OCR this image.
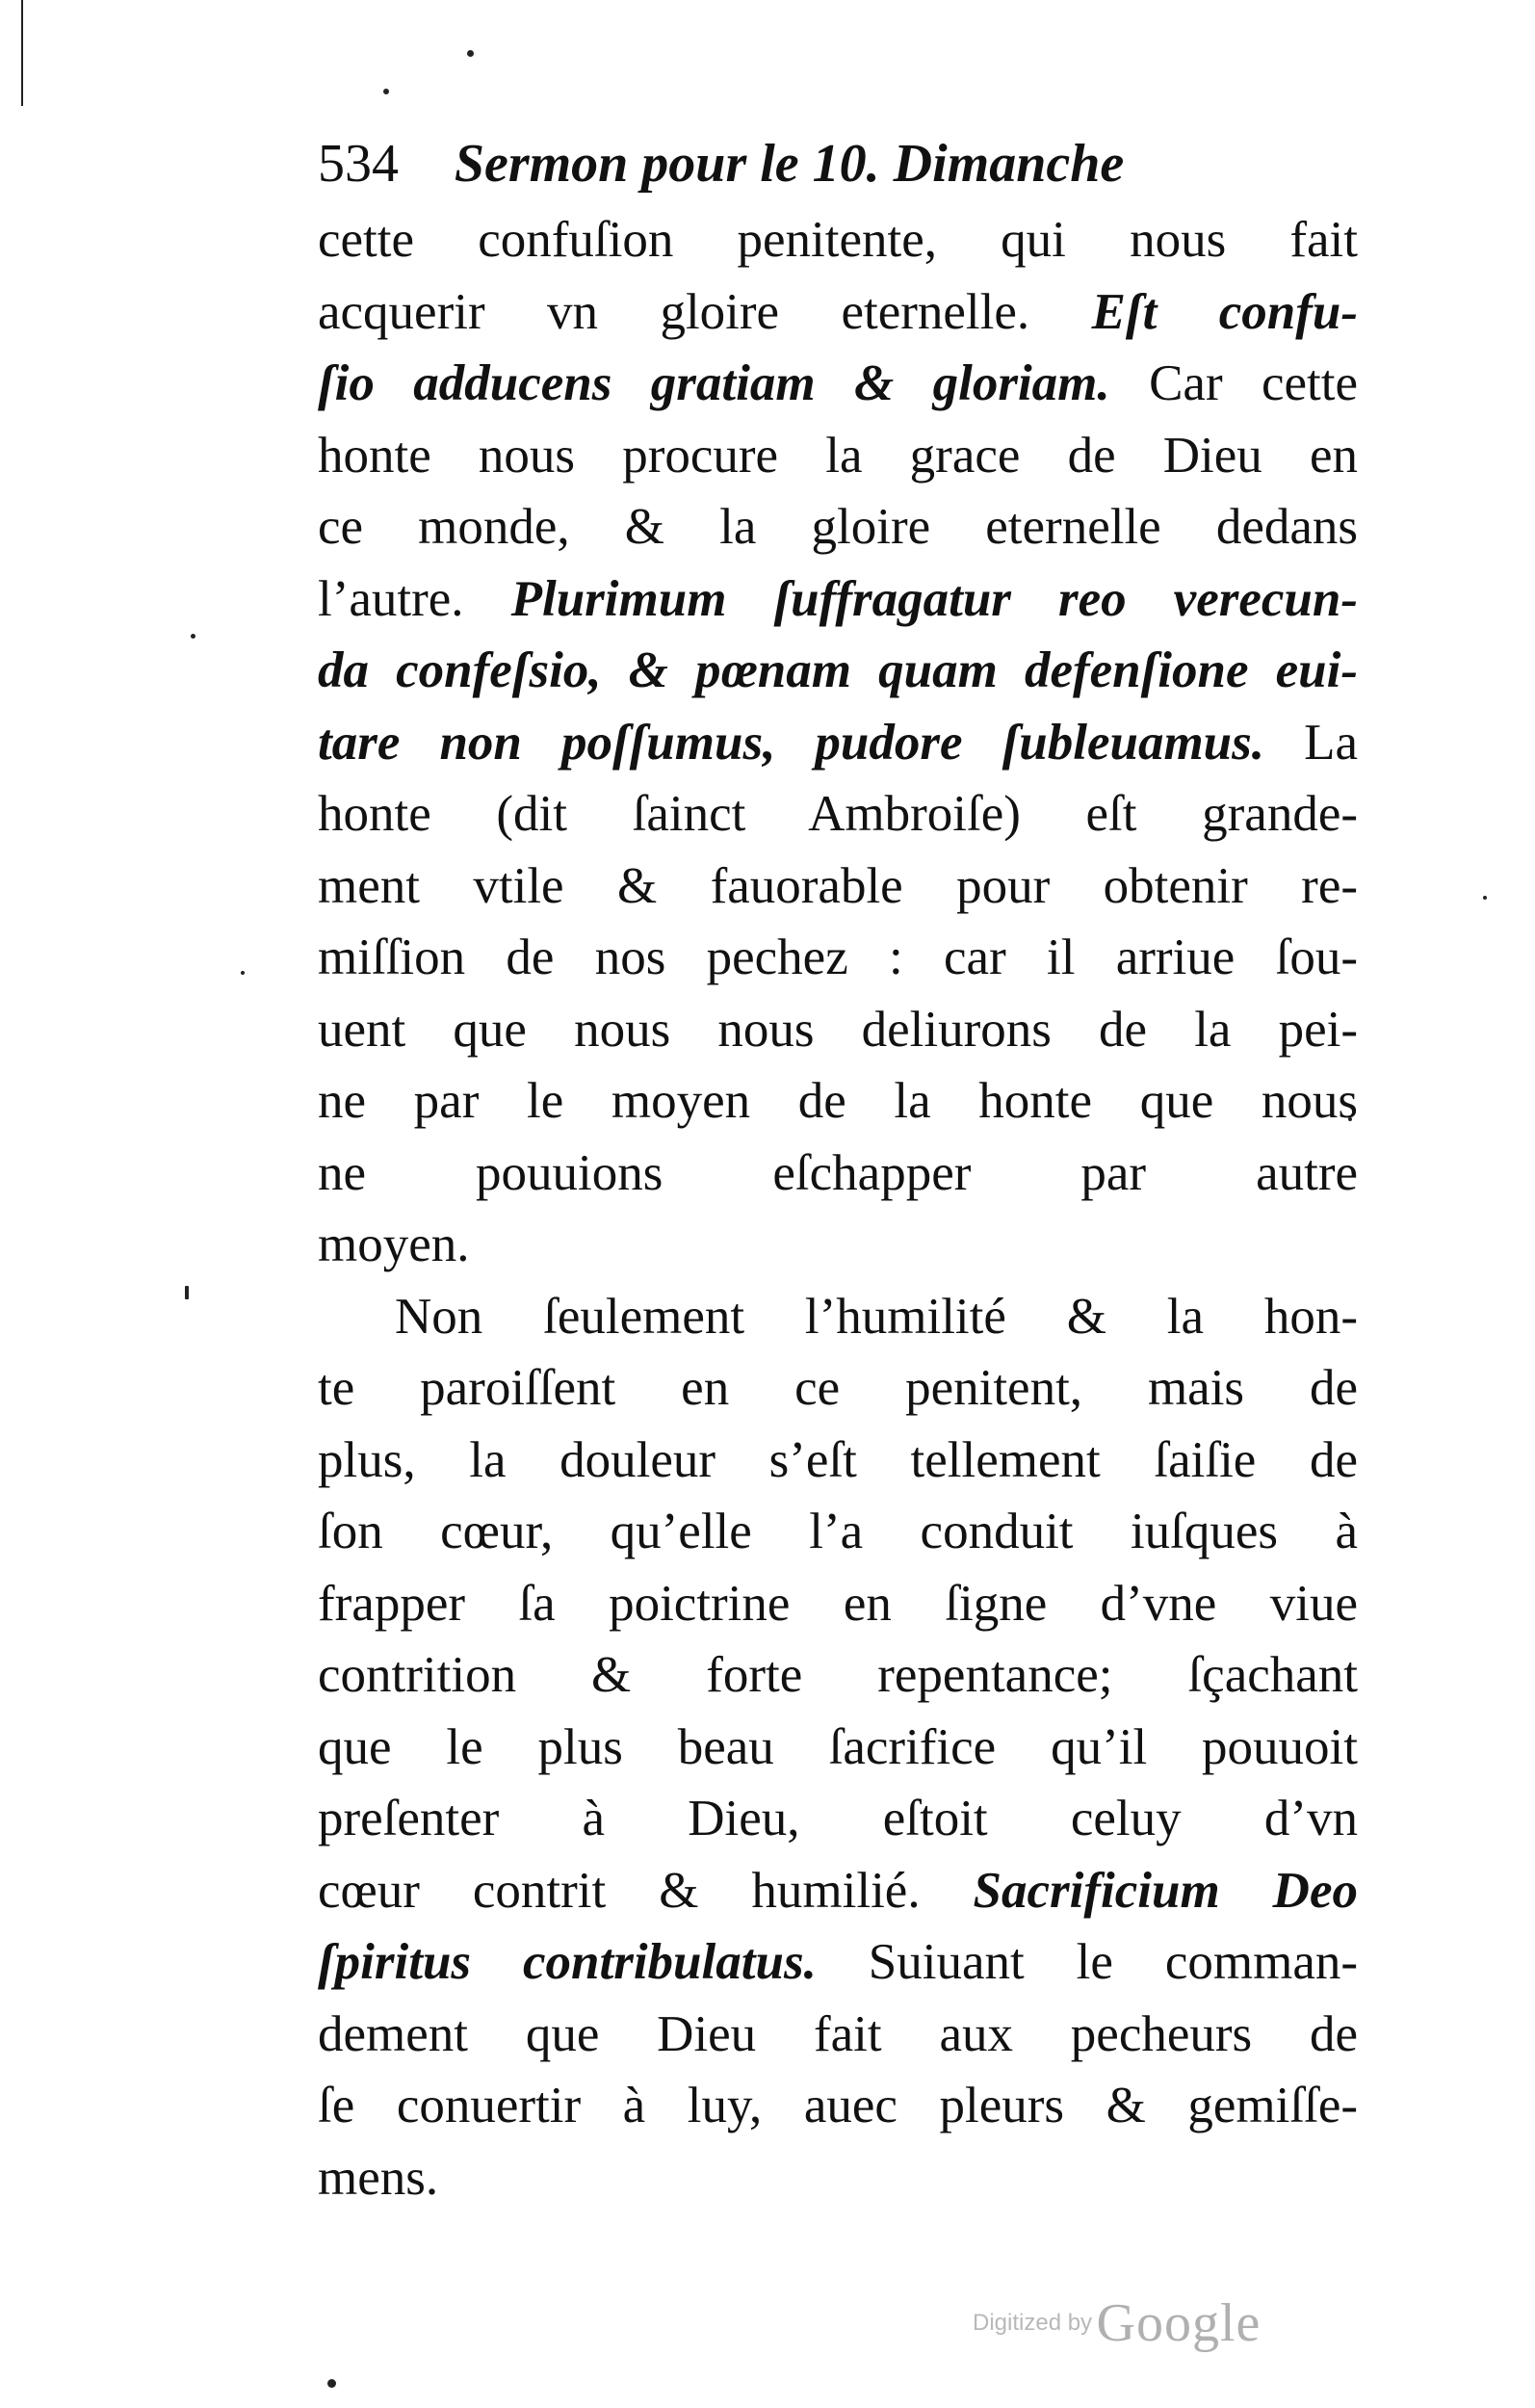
534 Sermon pour le 10. Dimanche
cette confuſion penitente, qui nous fait
acquerir vn gloire eternelle. Eſt confu-
ſio adducens gratiam & gloriam. Car cette
honte nous procure la grace de Dieu en
ce monde, & la gloire eternelle dedans
l’autre. Plurimum ſuffragatur reo verecun-
da confeſsio, & pœnam quam defenſione eui-
tare non poſſumus, pudore ſubleuamus. La
honte (dit ſainct Ambroiſe) eſt grande-
ment vtile & fauorable pour obtenir re-
miſſion de nos pechez : car il arriue ſou-
uent que nous nous deliurons de la pei-
ne par le moyen de la honte que nous
ne pouuions eſchapper par autre
moyen.
Non ſeulement l’humilité & la hon-
te paroiſſent en ce penitent, mais de
plus, la douleur s’eſt tellement ſaiſie de
ſon cœur, qu’elle l’a conduit iuſques à
frapper ſa poictrine en ſigne d’vne viue
contrition & forte repentance; ſçachant
que le plus beau ſacrifice qu’il pouuoit
preſenter à Dieu, eſtoit celuy d’vn
cœur contrit & humilié. Sacrificium Deo
ſpiritus contribulatus. Suiuant le comman-
dement que Dieu fait aux pecheurs de
ſe conuertir à luy, auec pleurs & gemiſſe-
mens.
Digitized by Google
